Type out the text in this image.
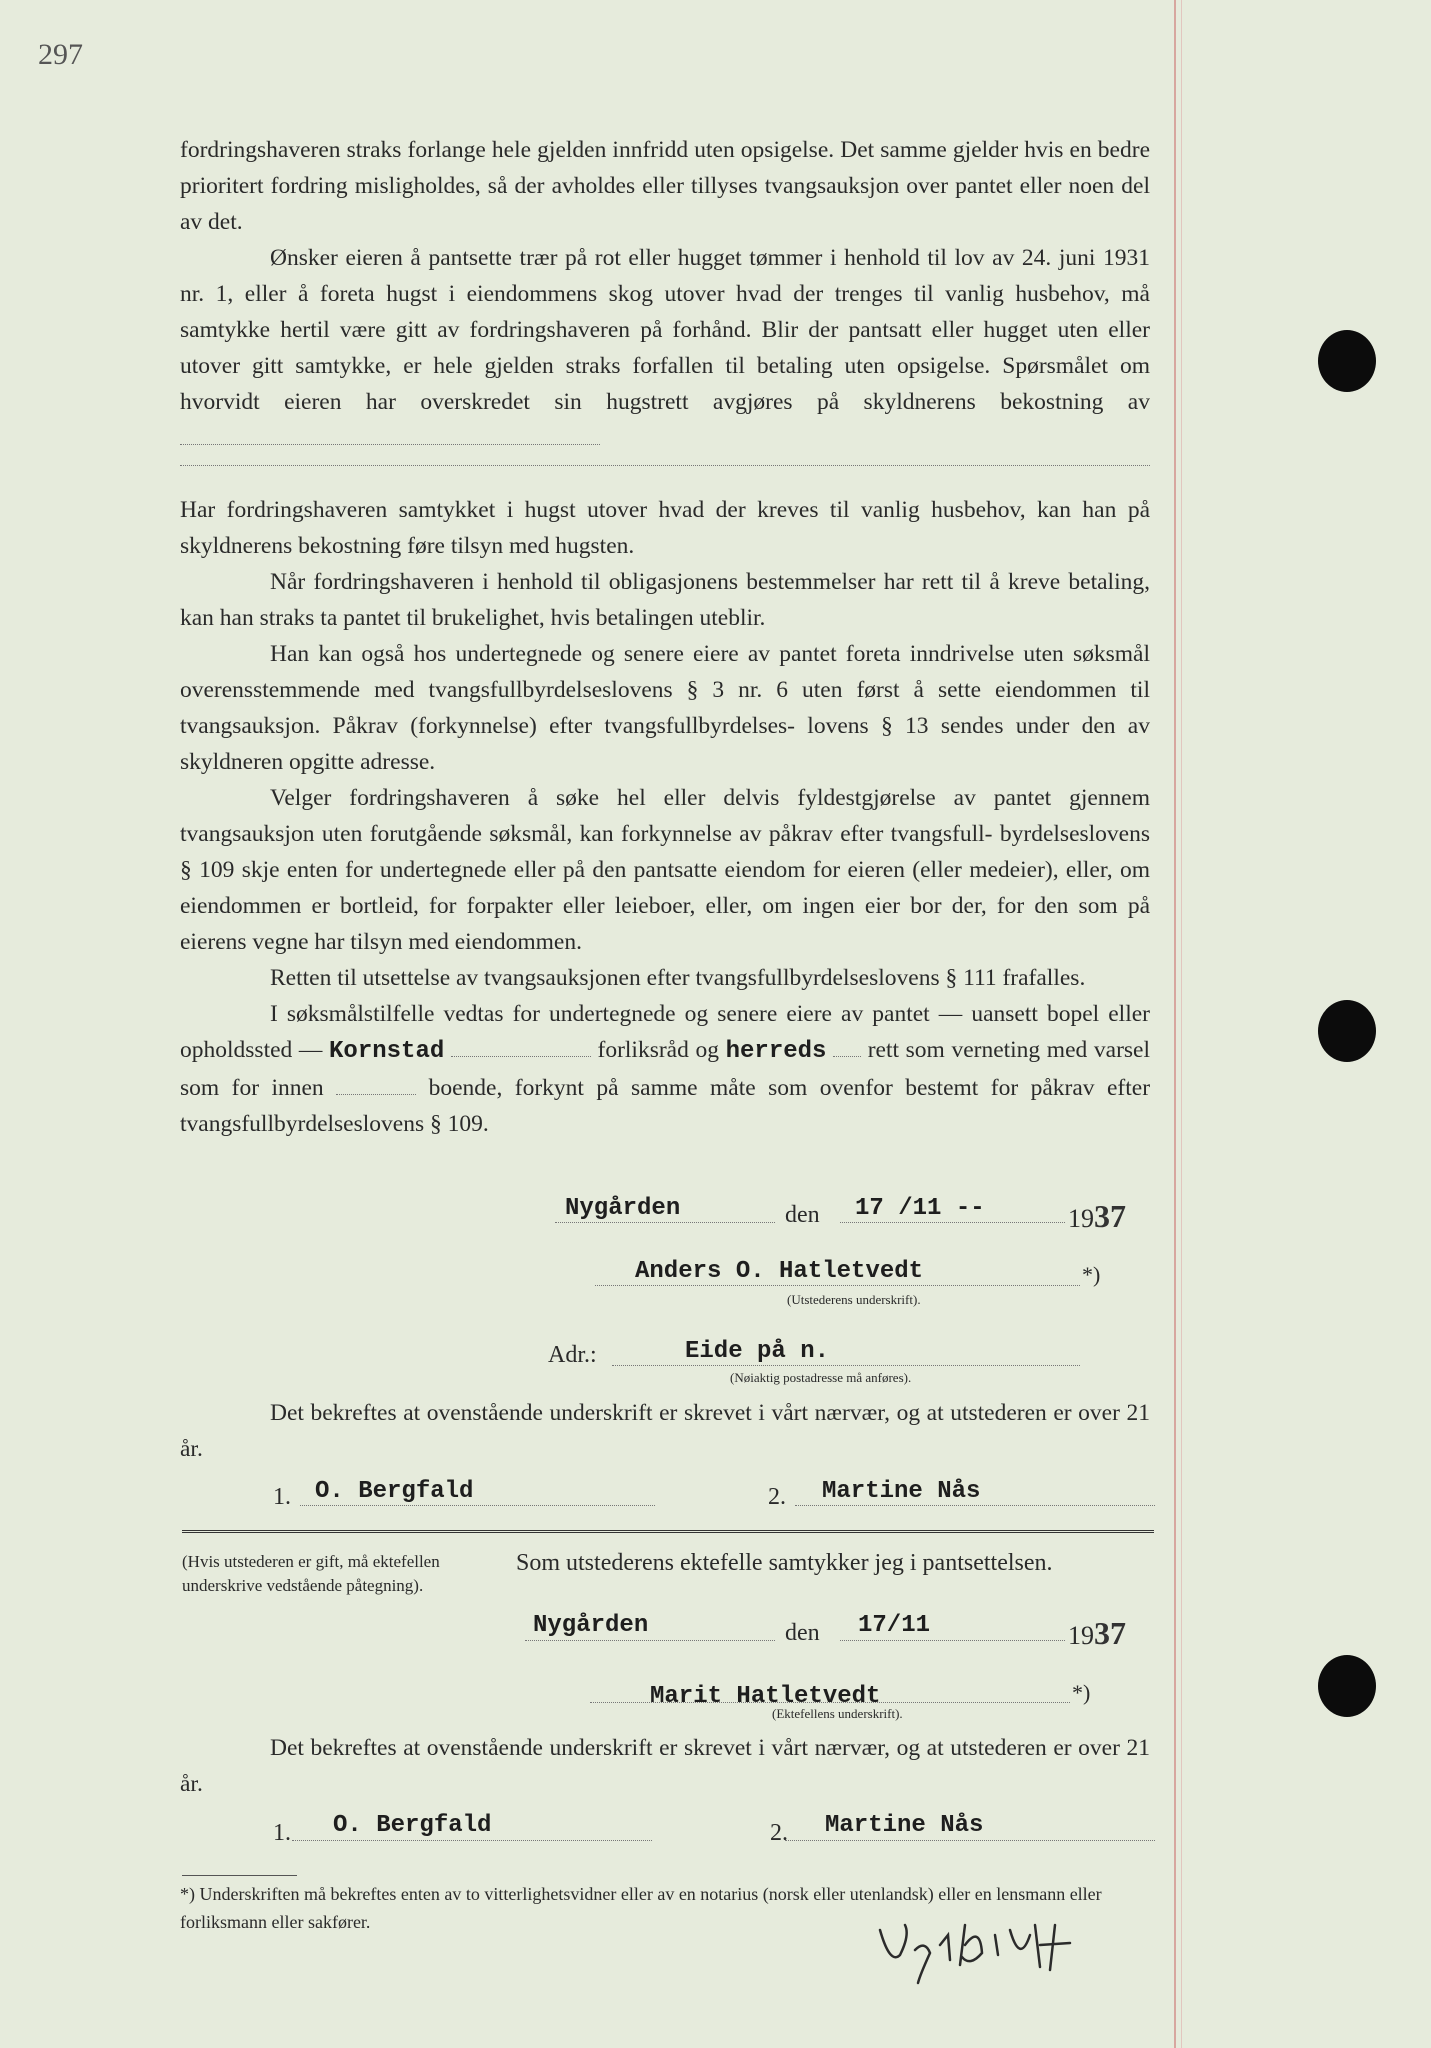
297

fordringshaveren straks forlange hele gjelden innfridd uten opsigelse. Det samme gjelder hvis en bedre prioritert fordring misligholdes, så der avholdes eller tillyses tvangsauksjon over pantet eller noen del av det.

Ønsker eieren å pantsette trær på rot eller hugget tømmer i henhold til lov av 24. juni 1931 nr. 1, eller å foreta hugst i eiendommens skog utover hvad der trenges til vanlig husbehov, må samtykke hertil være gitt av fordringshaveren på forhånd. Blir der pantsatt eller hugget uten eller utover gitt samtykke, er hele gjelden straks forfallen til betaling uten opsigelse. Spørsmålet om hvorvidt eieren har overskredet sin hugstrett avgjøres på skyldnerens bekostning av

Har fordringshaveren samtykket i hugst utover hvad der kreves til vanlig husbehov, kan han på skyldnerens bekostning føre tilsyn med hugsten.

Når fordringshaveren i henhold til obligasjonens bestemmelser har rett til å kreve betaling, kan han straks ta pantet til brukelighet, hvis betalingen uteblir.

Han kan også hos undertegnede og senere eiere av pantet foreta inndrivelse uten søksmål overensstemmende med tvangsfullbyrdelseslovens § 3 nr. 6 uten først å sette eiendommen til tvangsauksjon. Påkrav (forkynnelse) efter tvangsfullbyrdelses- lovens § 13 sendes under den av skyldneren opgitte adresse.

Velger fordringshaveren å søke hel eller delvis fyldestgjørelse av pantet gjennem tvangsauksjon uten forutgående søksmål, kan forkynnelse av påkrav efter tvangsfull- byrdelseslovens § 109 skje enten for undertegnede eller på den pantsatte eiendom for eieren (eller medeier), eller, om eiendommen er bortleid, for forpakter eller leieboer, eller, om ingen eier bor der, for den som på eierens vegne har tilsyn med eiendommen.

Retten til utsettelse av tvangsauksjonen efter tvangsfullbyrdelseslovens § 111 frafalles.

I søksmålstilfelle vedtas for undertegnede og senere eiere av pantet — uansett bopel eller opholdssted — Kornstad	forliksråd og herreds rett som verneting med varsel som for innen	boende, forkynt på samme måte som ovenfor bestemt for påkrav efter tvangsfullbyrdelseslovens § 109.

Nygården	den 17 /11 --	1937
Anders O. Hatletvedt	*)
(Utstederens underskrift).
Adr.:	Eide på n.
(Nøiaktig postadresse må anføres).

Det bekreftes at ovenstående underskrift er skrevet i vårt nærvær, og at utstederen er over 21 år.

1. O. Bergfald	2. Martine Nås
(Hvis utstederen er gift, må ektefellen underskrive vedstående påtegning).
Som utstederens ektefelle samtykker jeg i pantsettelsen.
Nygården	den 17/11	1937
Marit Hatletvedt	*)
(Ektefellens underskrift).

Det bekreftes at ovenstående underskrift er skrevet i vårt nærvær, og at utstederen er over 21 år.

1. O. Bergfald	2. Martine Nås
*) Underskriften må bekreftes enten av to vitterlighetsvidner eller av en notarius (norsk eller utenlandsk) eller en lensmann eller forliksmann eller sakfører.
